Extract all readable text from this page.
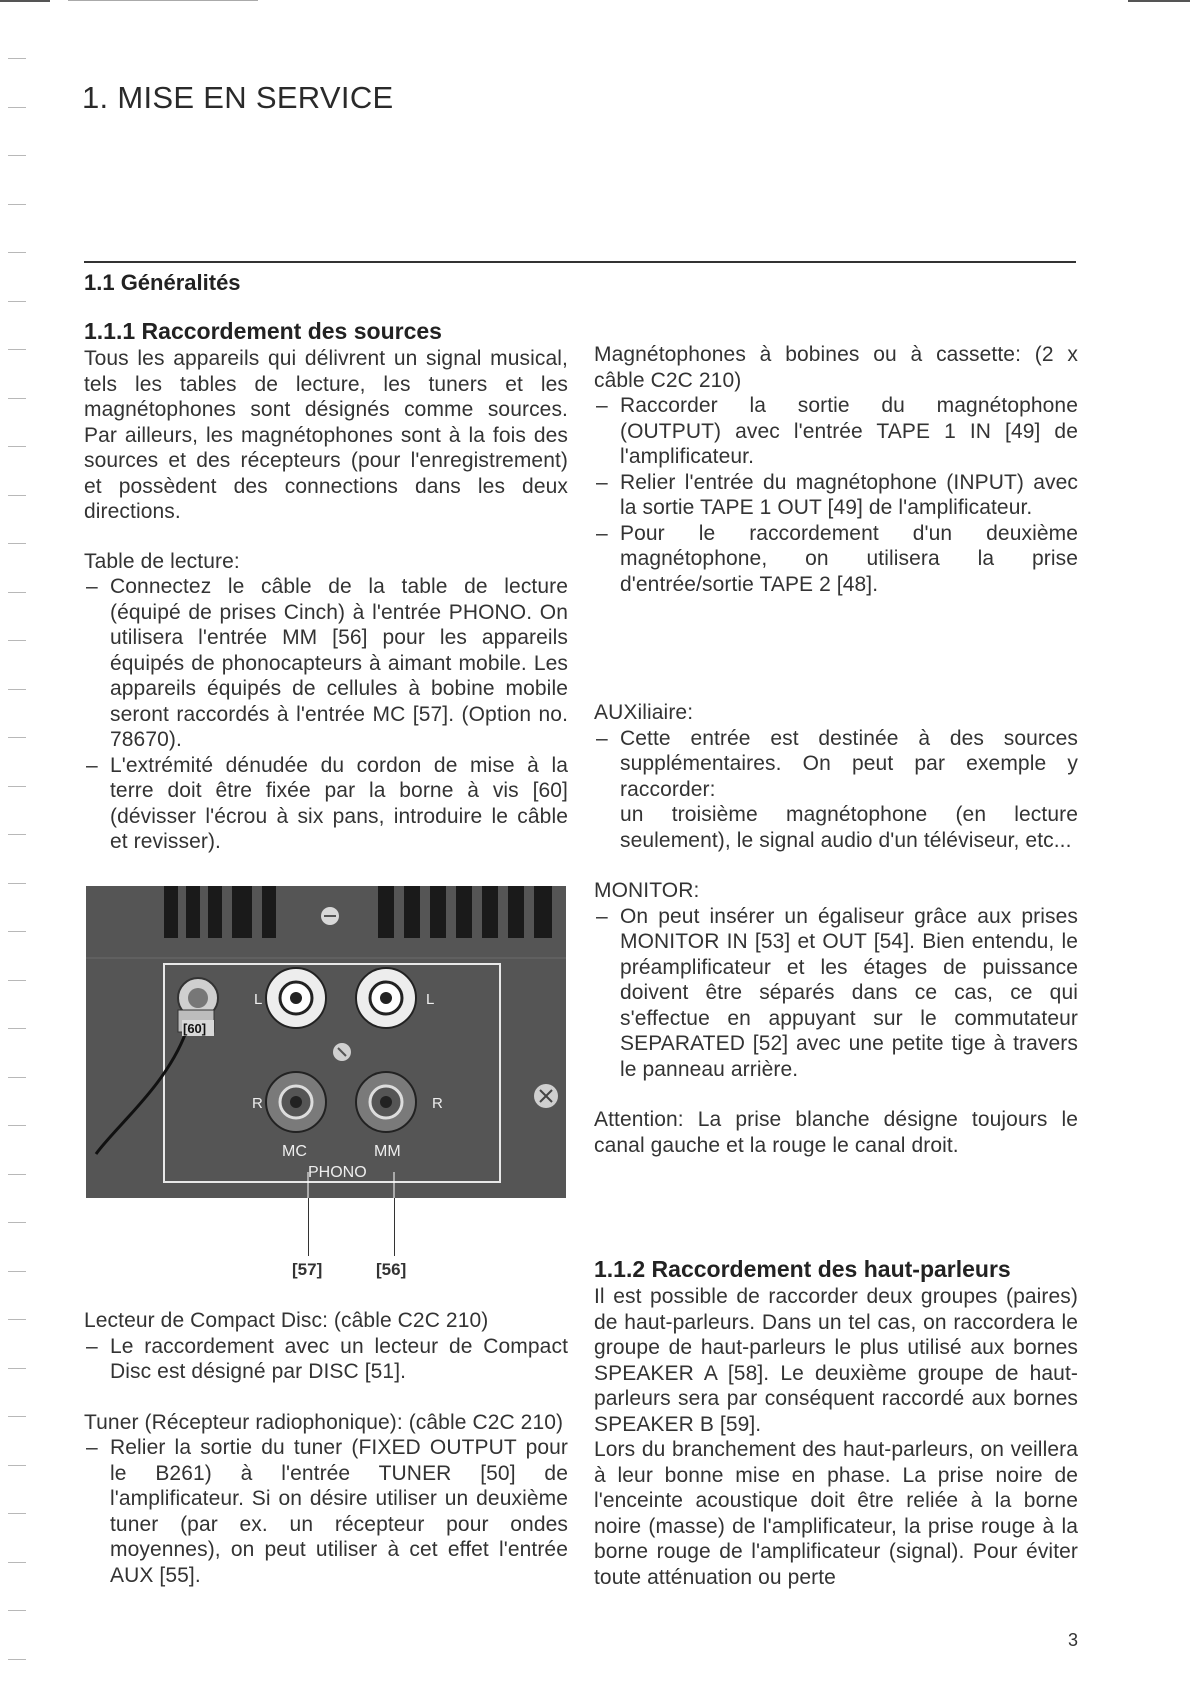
1. MISE EN SERVICE
1.1 Généralités
1.1.1 Raccordement des sources

Tous les appareils qui délivrent un signal musical, tels les tables de lecture, les tuners et les magnétophones sont désignés comme sources. Par ailleurs, les magnétophones sont à la fois des sources et des récepteurs (pour l'enregistrement) et possèdent des connections dans les deux directions.

Table de lecture:

– Connectez le câble de la table de lecture (équipé de prises Cinch) à l'entrée PHONO. On utilisera l'entrée MM [56] pour les appareils équipés de phonocapteurs à aimant mobile. Les appareils équipés de cellules à bobine mobile seront raccordés à l'entrée MC [57]. (Option no. 78670).
– L'extrémité dénudée du cordon de mise à la terre doit être fixée par la borne à vis [60] (dévisser l'écrou à six pans, introduire le câble et revisser).
[60]
L	L
R	R
MC	MM
PHONO
[57]	[56]

Lecteur de Compact Disc: (câble C2C 210)

– Le raccordement avec un lecteur de Compact Disc est désigné par DISC [51].

Tuner (Récepteur radiophonique): (câble C2C 210)

– Relier la sortie du tuner (FIXED OUTPUT pour le B261) à l'entrée TUNER [50] de l'amplificateur. Si on désire utiliser un deuxième tuner (par ex. un récepteur pour ondes moyennes), on peut utiliser à cet effet l'entrée AUX [55].

Magnétophones à bobines ou à cassette: (2 x câble C2C 210)

– Raccorder la sortie du magnétophone (OUTPUT) avec l'entrée TAPE 1 IN [49] de l'amplificateur.
– Relier l'entrée du magnétophone (INPUT) avec la sortie TAPE 1 OUT [49] de l'amplificateur.
– Pour le raccordement d'un deuxième magnétophone, on utilisera la prise d'entrée/sortie TAPE 2 [48].

AUXiliaire:

– Cette entrée est destinée à des sources supplémentaires. On peut par exemple y raccorder:
un troisième magnétophone (en lecture seulement), le signal audio d'un téléviseur, etc...

MONITOR:

– On peut insérer un égaliseur grâce aux prises MONITOR IN [53] et OUT [54]. Bien entendu, le préamplificateur et les étages de puissance doivent être séparés dans ce cas, ce qui s'effectue en appuyant sur le commutateur SEPARATED [52] avec une petite tige à travers le panneau arrière.

Attention: La prise blanche désigne toujours le canal gauche et la rouge le canal droit.

1.1.2 Raccordement des haut-parleurs

Il est possible de raccorder deux groupes (paires) de haut-parleurs. Dans un tel cas, on raccordera le groupe de haut-parleurs le plus utilisé aux bornes SPEAKER A [58]. Le deuxième groupe de haut-parleurs sera par conséquent raccordé aux bornes SPEAKER B [59].

Lors du branchement des haut-parleurs, on veillera à leur bonne mise en phase. La prise noire de l'enceinte acoustique doit être reliée à la borne noire (masse) de l'amplificateur, la prise rouge à la borne rouge de l'amplificateur (signal). Pour éviter toute atténuation ou perte

3
